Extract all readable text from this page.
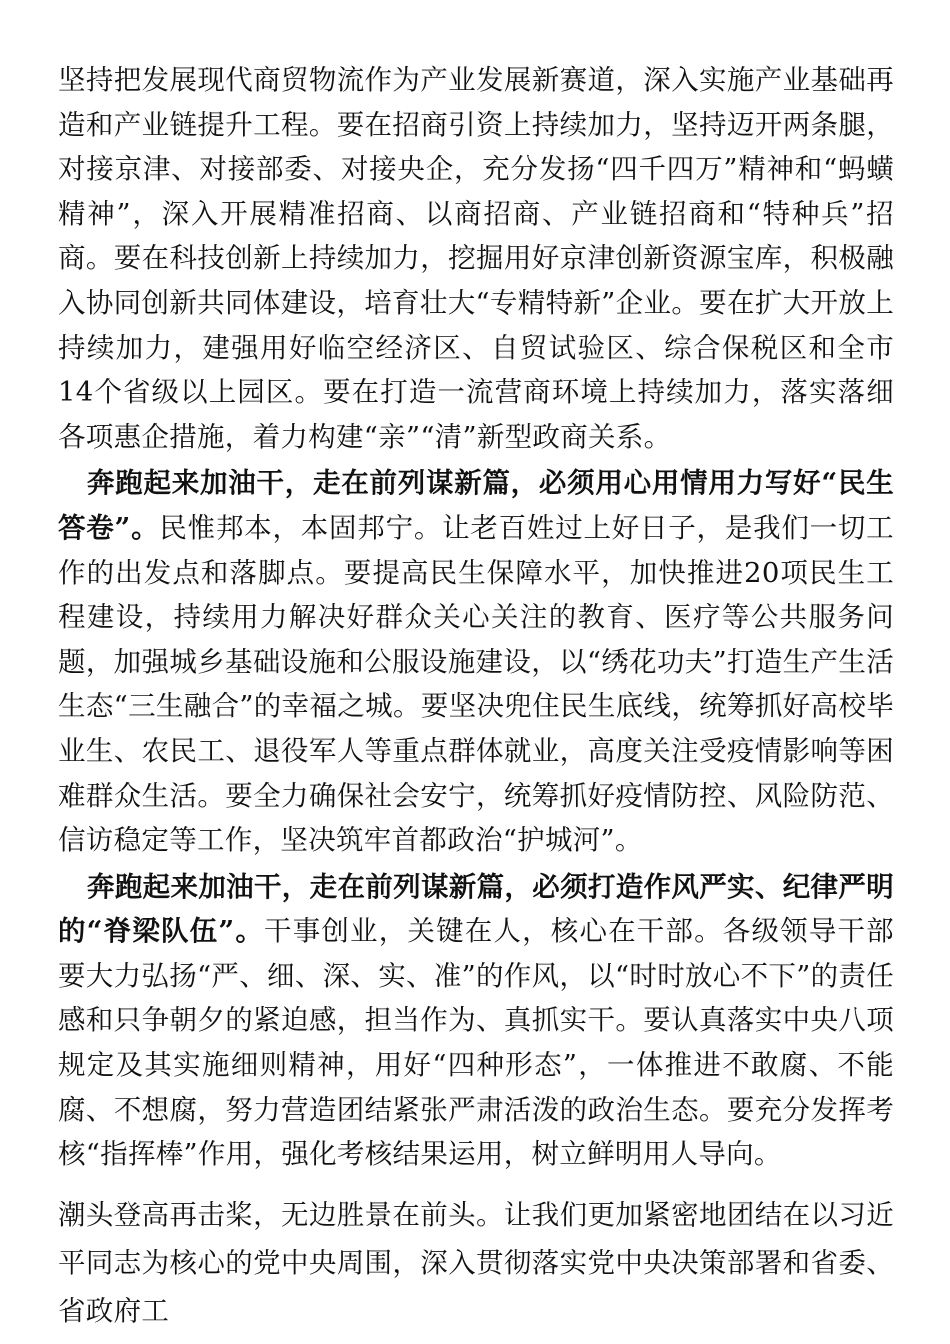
坚持把发展现代商贸物流作为产业发展新赛道，深入实施产业基础再造和产业链提升工程。要在招商引资上持续加力，坚持迈开两条腿，对接京津、对接部委、对接央企，充分发扬“四千四万”精神和“蚂蟥精神”，深入开展精准招商、以商招商、产业链招商和“特种兵”招商。要在科技创新上持续加力，挖掘用好京津创新资源宝库，积极融入协同创新共同体建设，培育壮大“专精特新”企业。要在扩大开放上持续加力，建强用好临空经济区、自贸试验区、综合保税区和全市14个省级以上园区。要在打造一流营商环境上持续加力，落实落细各项惠企措施，着力构建“亲”“清”新型政商关系。

奔跑起来加油干，走在前列谋新篇，必须用心用情用力写好“民生答卷”。民惟邦本，本固邦宁。让老百姓过上好日子，是我们一切工作的出发点和落脚点。要提高民生保障水平，加快推进20项民生工程建设，持续用力解决好群众关心关注的教育、医疗等公共服务问题，加强城乡基础设施和公服设施建设，以“绣花功夫”打造生产生活生态“三生融合”的幸福之城。要坚决兜住民生底线，统筹抓好高校毕业生、农民工、退役军人等重点群体就业，高度关注受疫情影响等困难群众生活。要全力确保社会安宁，统筹抓好疫情防控、风险防范、信访稳定等工作，坚决筑牢首都政治“护城河”。

奔跑起来加油干，走在前列谋新篇，必须打造作风严实、纪律严明的“脊梁队伍”。干事创业，关键在人，核心在干部。各级领导干部要大力弘扬“严、细、深、实、准”的作风，以“时时放心不下”的责任感和只争朝夕的紧迫感，担当作为、真抓实干。要认真落实中央八项规定及其实施细则精神，用好“四种形态”，一体推进不敢腐、不能腐、不想腐，努力营造团结紧张严肃活泼的政治生态。要充分发挥考核“指挥棒”作用，强化考核结果运用，树立鲜明用人导向。

潮头登高再击桨，无边胜景在前头。让我们更加紧密地团结在以习近平同志为核心的党中央周围，深入贯彻落实党中央决策部署和省委、省政府工
